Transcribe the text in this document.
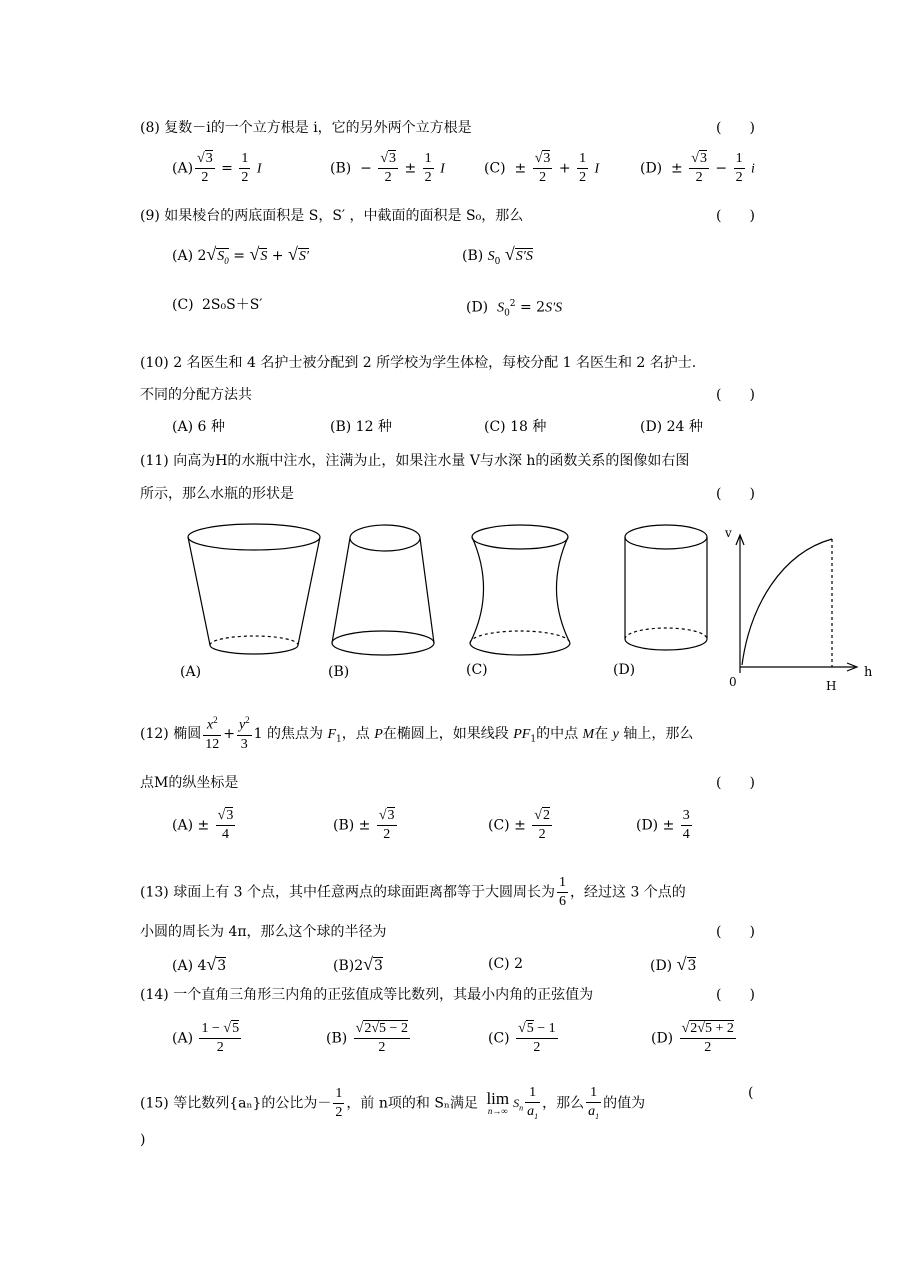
(8) 复数－i的一个立方根是 i，它的另外两个立方根是	(　　)
$(A) \frac{√3}{2} = \frac{1}{2}$ I	$(B) - \frac{√3}{2} \pm \frac{1}{2}$ I	$(C) \pm \frac{√3}{2} + \frac{1}{2}$ I	$(D) \pm \frac{√3}{2} - \frac{1}{2}$ i
(9) 如果棱台的两底面积是 S，S′ ，中截面的面积是 S₀，那么	(　　)
(A) $2√S_0 = √S + √S'$	(B) $S_0$ √S′S
(C) 2S₀S＋S′	(D) $S_0^2 = 2S'S$
(10) 2 名医生和 4 名护士被分配到 2 所学校为学生体检，每校分配 1 名医生和 2 名护士.
不同的分配方法共	(　　)
(A) 6 种	(B) 12 种	(C) 18 种	(D) 24 种
(11) 向高为H的水瓶中注水，注满为止，如果注水量 V与水深 h的函数关系的图像如右图
所示，那么水瓶的形状是	(　　)
(A)	(B)	(C)	(D)
v
h
0	H
(12) 椭圆 $\frac{x^2}{12} + \frac{y^2}{3} 1$ 的焦点为 $F_1$，点 P在椭圆上，如果线段 $PF_1$的中点 M在 y 轴上，那么
点M的纵坐标是	(　　)
$(A) \pm \frac{√3}{4}$	$(B) \pm \frac{√3}{2}$	$(C) \pm \frac{√2}{2}$	$(D) \pm \frac{3}{4}$
(13) 球面上有 3 个点，其中任意两点的球面距离都等于大圆周长为 $\frac{1}{6}$ ，经过这 3 个点的
小圆的周长为 4π，那么这个球的半径为	(　　)
(A) 4√3	(B)2√3	(C) 2	(D) √3
(14) 一个直角三角形三内角的正弦值成等比数列，其最小内角的正弦值为	(　　)
$(A) \frac{1 - √5}{2}$	$(B) \frac{√2√5 - 2}{2}$	$(C) \frac{√5 - 1}{2}$	$(D) \frac{√2√5 + 2}{2}$
(15) 等比数列{aₙ}的公比为－ $\frac{1}{2}$ ，前 n项的和 Sₙ满足 lim
n→∞
$S_n \frac{1}{a_1}$ ，那么 $\frac{1}{a_1}$ 的值为
(
)
